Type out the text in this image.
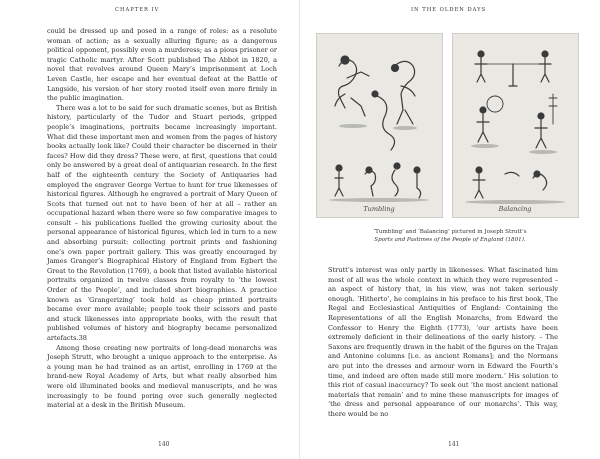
CHAPTER IV

could be dressed up and posed in a range of roles: as a resolute woman of action; as a sexually alluring figure; as a dangerous political opponent, possibly even a murderess; as a pious prisoner or tragic Catholic martyr. After Scott published The Abbot in 1820, a novel that revolves around Queen Mary’s imprisonment at Loch Leven Castle, her escape and her eventual defeat at the Battle of Langside, his version of her story rooted itself even more firmly in the public imagination.

There was a lot to be said for such dramatic scenes, but as British history, particularly of the Tudor and Stuart periods, gripped people’s imaginations, portraits became increasingly important. What did these important men and women from the pages of history books actually look like? Could their character be discerned in their faces? How did they dress? These were, at first, questions that could only be answered by a great deal of antiquarian research. In the first half of the eighteenth century the Society of Antiquaries had employed the engraver George Vertue to hunt for true likenesses of historical figures. Although he engraved a portrait of Mary Queen of Scots that turned out not to have been of her at all – rather an occupational hazard when there were so few comparative images to consult – his publications fuelled the growing curiosity about the personal appearance of historical figures, which led in turn to a new and absorbing pursuit: collecting portrait prints and fashioning one’s own paper portrait gallery. This was greatly encouraged by James Granger’s Biographical History of England from Egbert the Great to the Revolution (1769), a book that listed available historical portraits organized in twelve classes from royalty to ‘the lowest Order of the People’, and included short biographies. A practice known as ‘Grangerizing’ took hold as cheap printed portraits became ever more available; people took their scissors and paste and stuck likenesses into appropriate books, with the result that published volumes of history and biography became personalized artefacts.38

Among those creating new portraits of long-dead monarchs was Joseph Strutt, who brought a unique approach to the enterprise. As a young man he had trained as an artist, enrolling in 1769 at the brand-new Royal Academy of Arts, but what really absorbed him were old illuminated books and medieval manuscripts, and he was increasingly to be found poring over such generally neglected material at a desk in the British Museum.

140
IN THE OLDEN DAYS
Tumbling	Balancing
‘Tumbling’ and ‘Balancing’ pictured in Joseph Strutt’s
Sports and Pastimes of the People of England (1801).

Strutt’s interest was only partly in likenesses. What fascinated him most of all was the whole context in which they were represented – an aspect of history that, in his view, was not taken seriously enough. ‘Hitherto’, he complains in his preface to his first book, The Regal and Ecclesiastical Antiquities of England: Containing the Representations of all the English Monarchs, from Edward the Confessor to Henry the Eighth (1773), ‘our artists have been extremely deficient in their delineations of the early history. – The Saxons are frequently drawn in the habit of the figures on the Trajan and Antonine columns [i.e. as ancient Romans]; and the Normans are put into the dresses and armour worn in Edward the Fourth’s time, and indeed are often made still more modern.’ His solution to this riot of casual inaccuracy? To seek out ‘the most ancient national materials that remain’ and to mine these manuscripts for images of ‘the dress and personal appearance of our monarchs’. This way, there would be no

141
